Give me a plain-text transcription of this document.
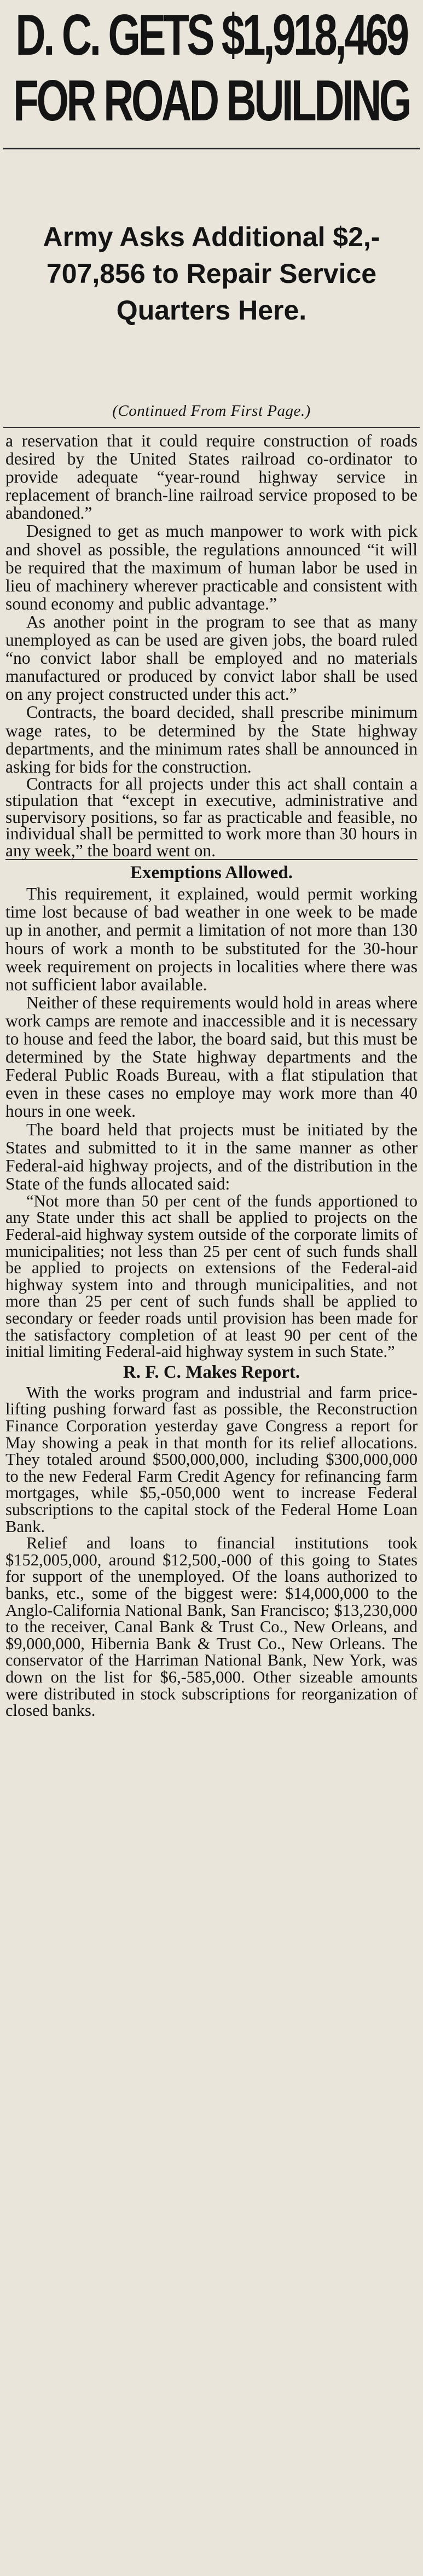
D. C. GETS $1,918,469
FOR ROAD BUILDING
Army Asks Additional $2,-
707,856 to Repair Service
Quarters Here.
(Continued From First Page.)

a reservation that it could require construction of roads desired by the United States railroad co-ordinator to provide adequate “year-round highway service in replacement of branch-line railroad service proposed to be abandoned.”

Designed to get as much manpower to work with pick and shovel as possible, the regulations announced “it will be required that the maximum of human labor be used in lieu of machinery wherever practicable and consistent with sound economy and public advantage.”

As another point in the program to see that as many unemployed as can be used are given jobs, the board ruled “no convict labor shall be employed and no materials manufactured or produced by convict labor shall be used on any project constructed under this act.”

Contracts, the board decided, shall prescribe minimum wage rates, to be determined by the State highway departments, and the minimum rates shall be announced in asking for bids for the construction.

Contracts for all projects under this act shall contain a stipulation that “except in executive, administrative and supervisory positions, so far as practicable and feasible, no individual shall be permitted to work more than 30 hours in any week,” the board went on.

Exemptions Allowed.

This requirement, it explained, would permit working time lost because of bad weather in one week to be made up in another, and permit a limitation of not more than 130 hours of work a month to be substituted for the 30-hour week requirement on projects in localities where there was not sufficient labor available.

Neither of these requirements would hold in areas where work camps are remote and inaccessible and it is necessary to house and feed the labor, the board said, but this must be determined by the State highway departments and the Federal Public Roads Bureau, with a flat stipulation that even in these cases no employe may work more than 40 hours in one week.

The board held that projects must be initiated by the States and submitted to it in the same manner as other Federal-aid highway projects, and of the distribution in the State of the funds allocated said:

“Not more than 50 per cent of the funds apportioned to any State under this act shall be applied to projects on the Federal-aid highway system outside of the corporate limits of municipalities; not less than 25 per cent of such funds shall be applied to projects on extensions of the Federal-aid highway system into and through municipalities, and not more than 25 per cent of such funds shall be applied to secondary or feeder roads until provision has been made for the satisfactory completion of at least 90 per cent of the initial limiting Federal-aid highway system in such State.”

R. F. C. Makes Report.

With the works program and industrial and farm price-lifting pushing forward fast as possible, the Reconstruction Finance Corporation yesterday gave Congress a report for May showing a peak in that month for its relief allocations. They totaled around $500,000,000, including $300,000,000 to the new Federal Farm Credit Agency for refinancing farm mortgages, while $5,-050,000 went to increase Federal subscriptions to the capital stock of the Federal Home Loan Bank.

Relief and loans to financial institutions took $152,005,000, around $12,500,-000 of this going to States for support of the unemployed. Of the loans authorized to banks, etc., some of the biggest were: $14,000,000 to the Anglo-California National Bank, San Francisco; $13,230,000 to the receiver, Canal Bank & Trust Co., New Orleans, and $9,000,000, Hibernia Bank & Trust Co., New Orleans. The conservator of the Harriman National Bank, New York, was down on the list for $6,-585,000. Other sizeable amounts were distributed in stock subscriptions for reorganization of closed banks.
